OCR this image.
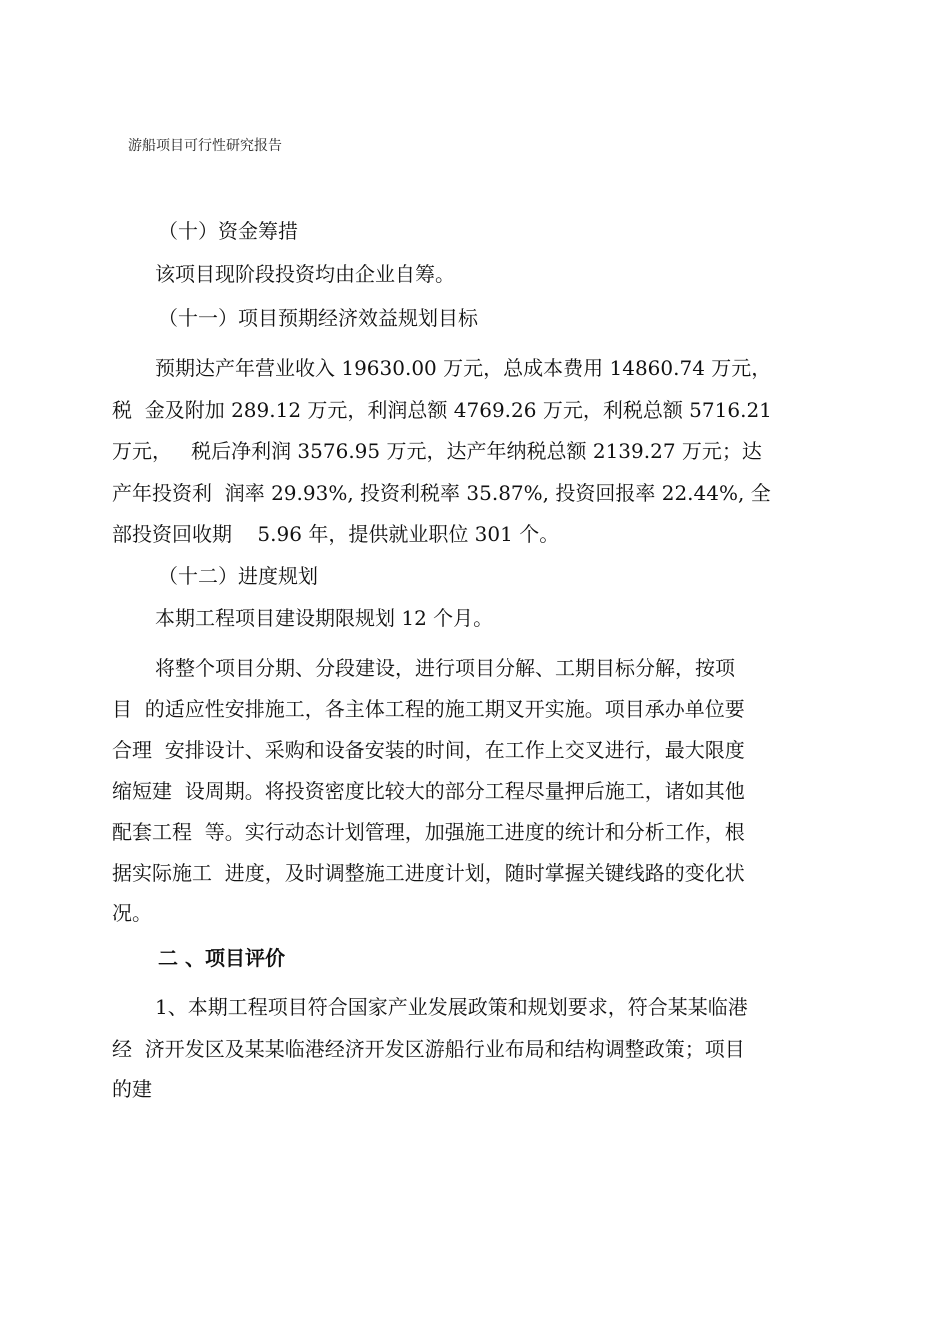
游船项目可行性研究报告
（十）资金筹措
该项目现阶段投资均由企业自筹。
（十一）项目预期经济效益规划目标
预期达产年营业收入 19630.00 万元，总成本费用 14860.74 万元，
税  金及附加 289.12 万元，利润总额 4769.26 万元，利税总额 5716.21
万元，   税后净利润 3576.95 万元，达产年纳税总额 2139.27 万元；达
产年投资利  润率 29.93%, 投资利税率 35.87%, 投资回报率 22.44%, 全
部投资回收期    5.96 年，提供就业职位 301 个。
（十二）进度规划
本期工程项目建设期限规划 12 个月。
将整个项目分期、分段建设，进行项目分解、工期目标分解，按项
目  的适应性安排施工，各主体工程的施工期叉开实施。项目承办单位要
合理  安排设计、采购和设备安装的时间，在工作上交叉进行，最大限度
缩短建  设周期。将投资密度比较大的部分工程尽量押后施工，诸如其他
配套工程  等。实行动态计划管理，加强施工进度的统计和分析工作，根
据实际施工  进度，及时调整施工进度计划，随时掌握关键线路的变化状
况。
二 、项目评价
1、本期工程项目符合国家产业发展政策和规划要求，符合某某临港
经  济开发区及某某临港经济开发区游船行业布局和结构调整政策；项目
的建
